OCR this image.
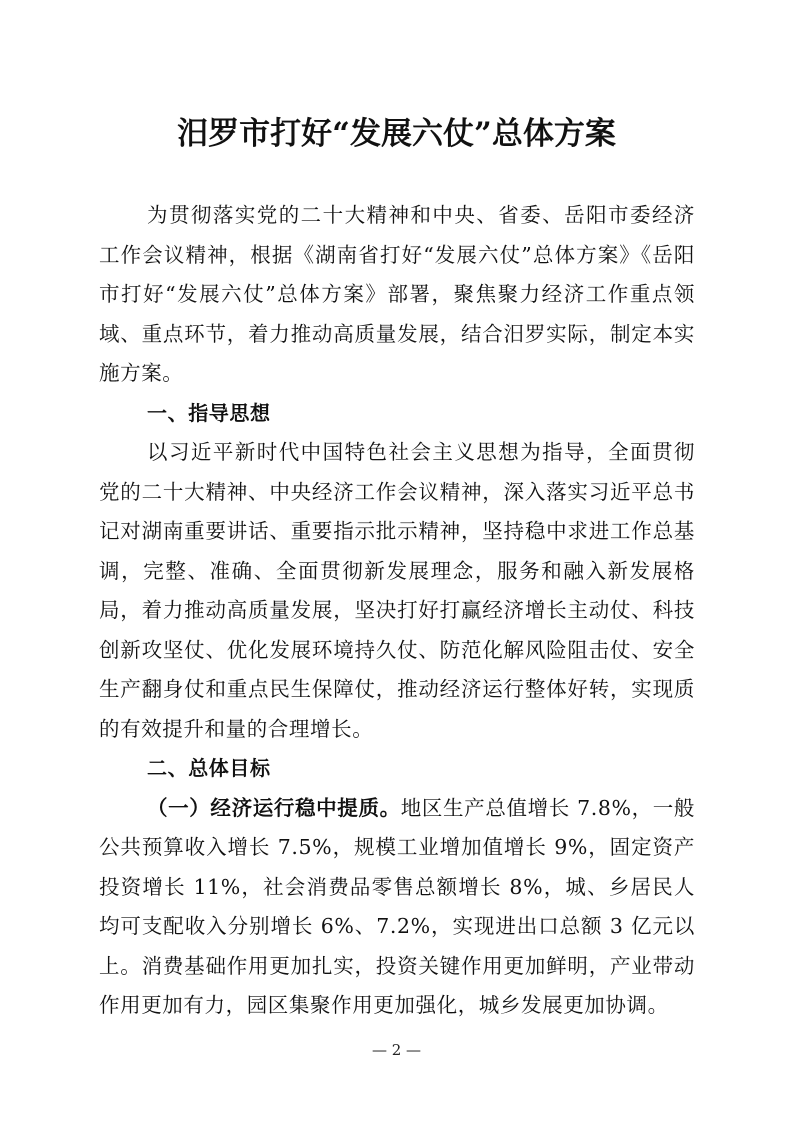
汨罗市打好“发展六仗”总体方案

为贯彻落实党的二十大精神和中央、省委、岳阳市委经济工作会议精神，根据《湖南省打好“发展六仗”总体方案》《岳阳市打好“发展六仗”总体方案》部署，聚焦聚力经济工作重点领域、重点环节，着力推动高质量发展，结合汨罗实际，制定本实施方案。

一、指导思想

以习近平新时代中国特色社会主义思想为指导，全面贯彻党的二十大精神、中央经济工作会议精神，深入落实习近平总书记对湖南重要讲话、重要指示批示精神，坚持稳中求进工作总基调，完整、准确、全面贯彻新发展理念，服务和融入新发展格局，着力推动高质量发展，坚决打好打赢经济增长主动仗、科技创新攻坚仗、优化发展环境持久仗、防范化解风险阻击仗、安全生产翻身仗和重点民生保障仗，推动经济运行整体好转，实现质的有效提升和量的合理增长。

二、总体目标

（一）经济运行稳中提质。地区生产总值增长 7.8%，一般公共预算收入增长 7.5%，规模工业增加值增长 9%，固定资产投资增长 11%，社会消费品零售总额增长 8%，城、乡居民人均可支配收入分别增长 6%、7.2%，实现进出口总额 3 亿元以上。消费基础作用更加扎实，投资关键作用更加鲜明，产业带动作用更加有力，园区集聚作用更加强化，城乡发展更加协调。

— 2 —
